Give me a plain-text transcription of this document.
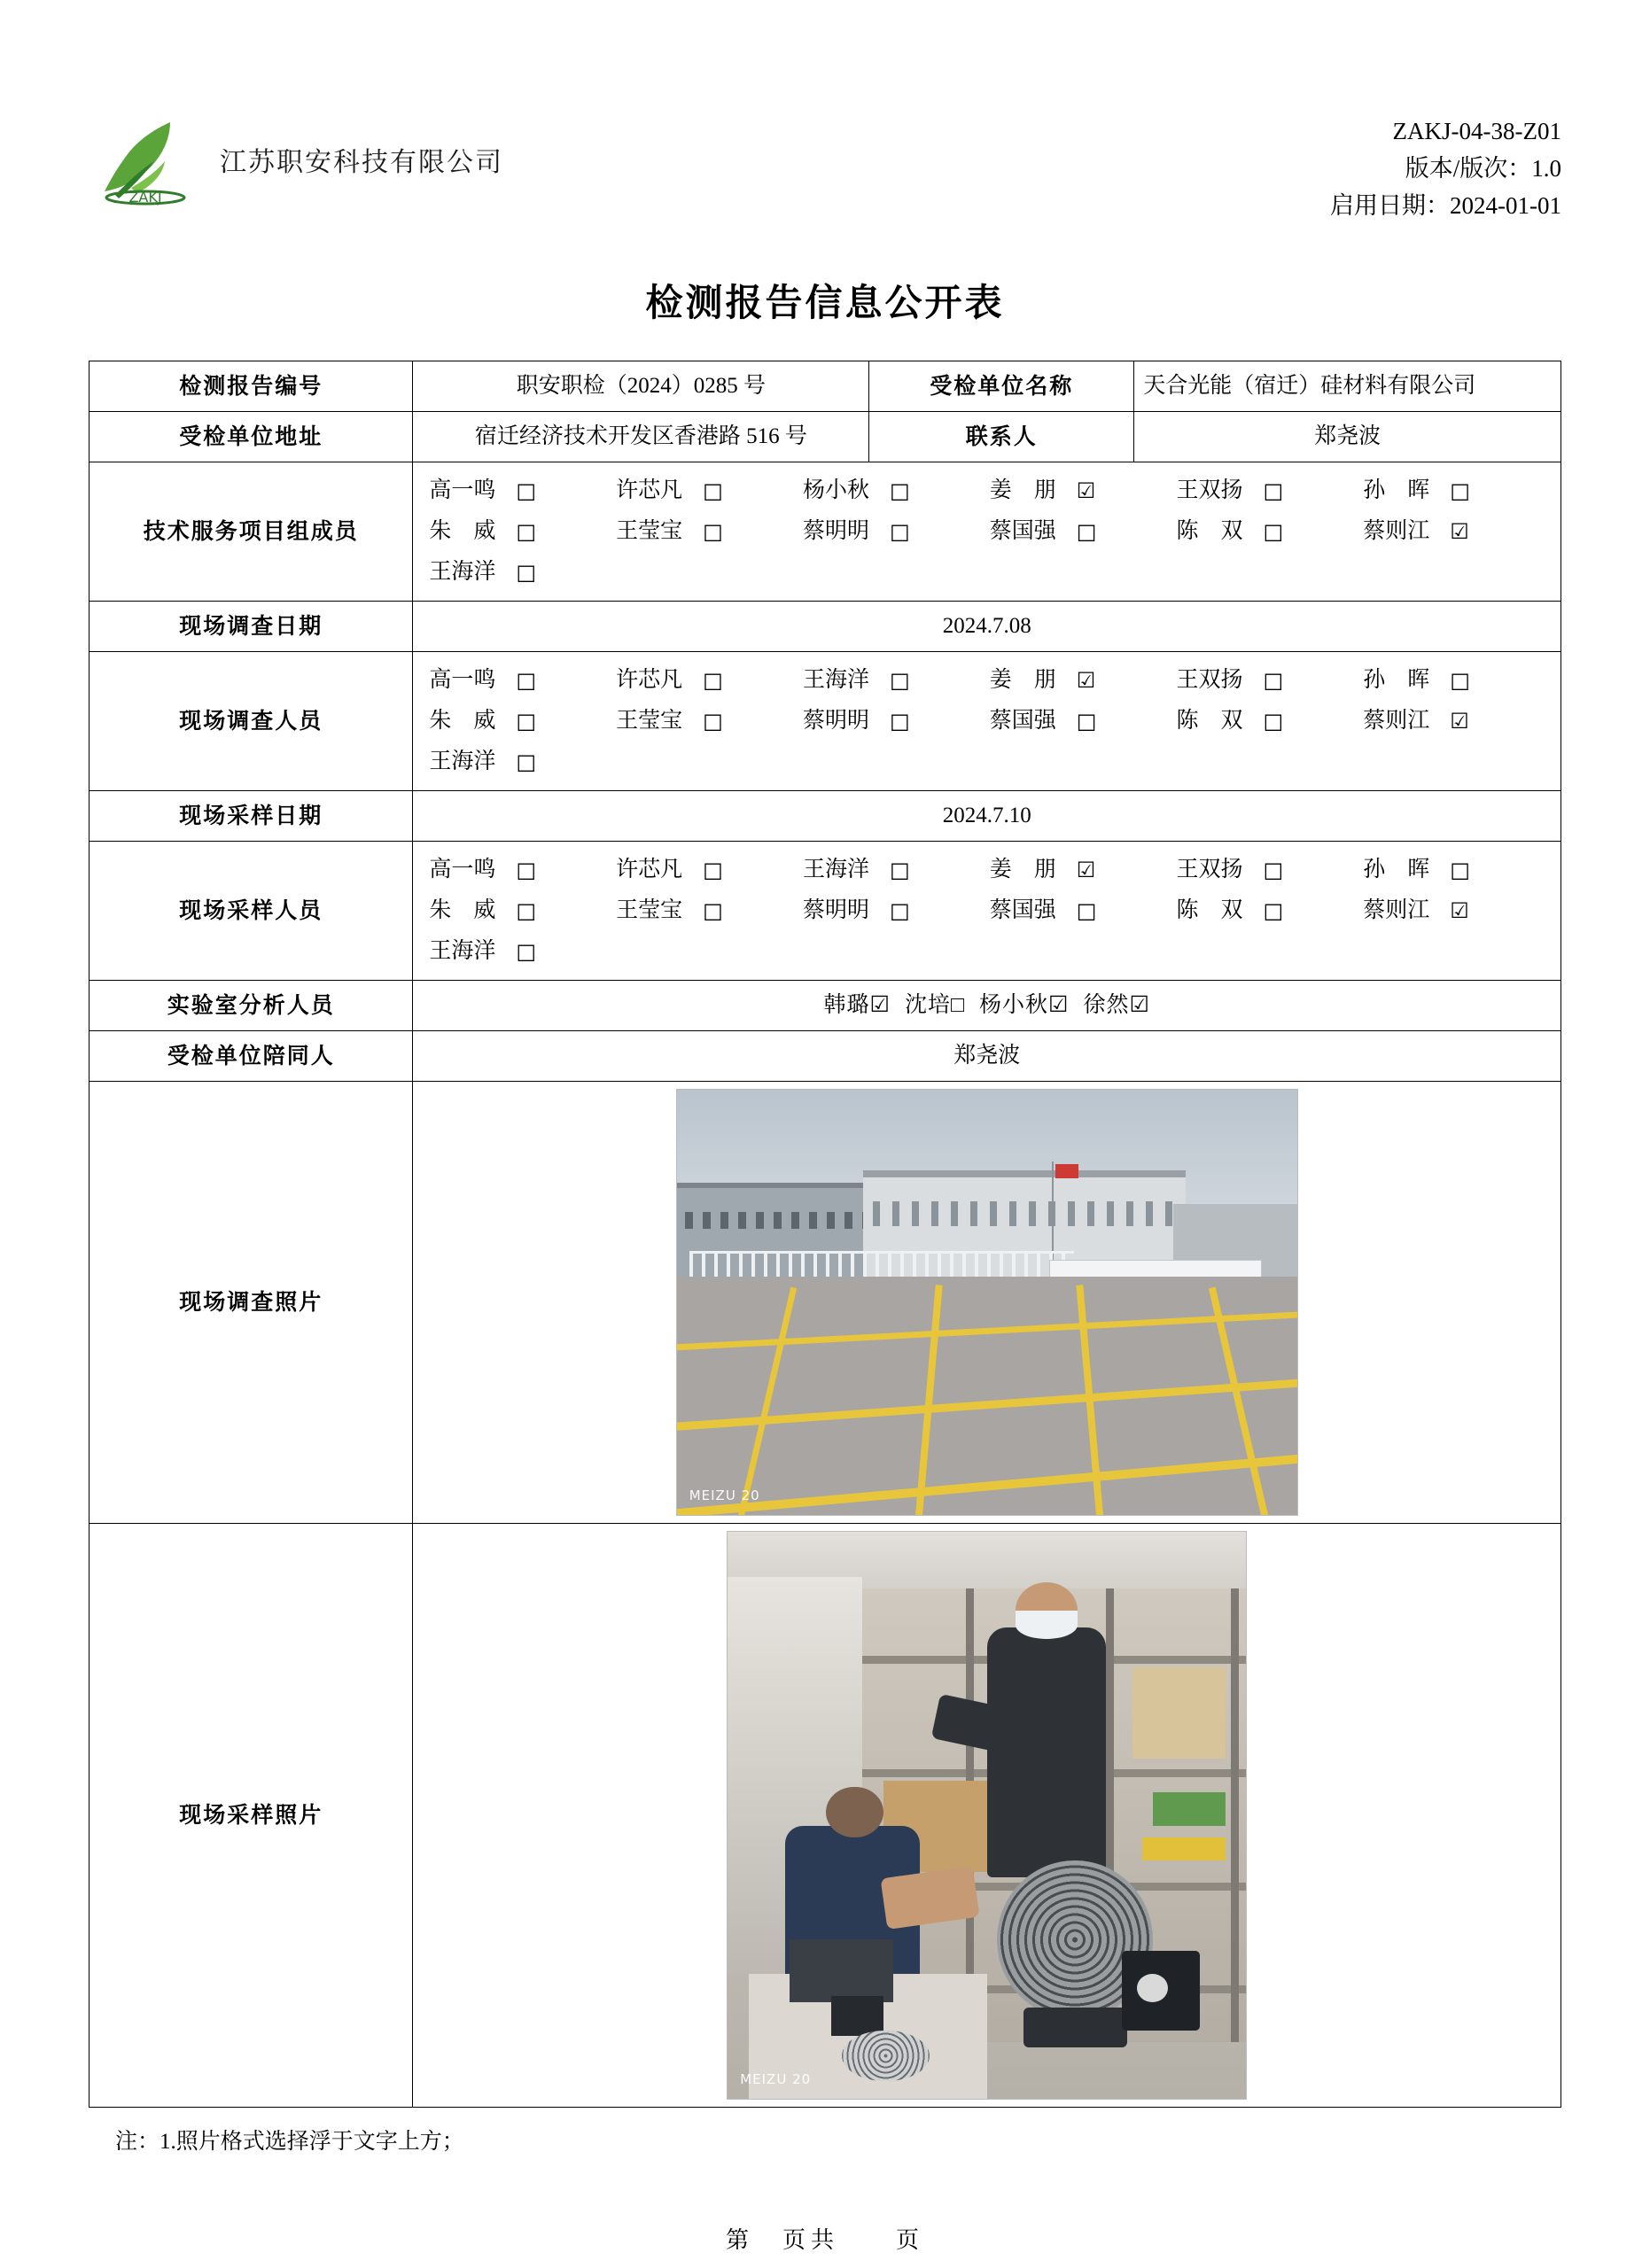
ZAKJ
江苏职安科技有限公司
ZAKJ-04-38-Z01
版本/版次：1.0
启用日期：2024-01-01
检测报告信息公开表
检测报告编号	职安职检（2024）0285 号	受检单位名称	天合光能（宿迁）硅材料有限公司
受检单位地址	宿迁经济技术开发区香港路 516 号	联系人	郑尧波
技术服务项目组成员	
高一鸣 □	许芯凡 □	杨小秋 □	姜　朋 ☑	王双扬 □	孙　晖 □
朱　威 □	王莹宝 □	蔡明明 □	蔡国强 □	陈　双 □	蔡则江 ☑
王海洋 □

现场调查日期	2024.7.08		
现场调查人员	
高一鸣 □	许芯凡 □	王海洋 □	姜　朋 ☑	王双扬 □	孙　晖 □
朱　威 □	王莹宝 □	蔡明明 □	蔡国强 □	陈　双 □	蔡则江 ☑
王海洋 □

现场采样日期	2024.7.10		
现场采样人员	
高一鸣 □	许芯凡 □	王海洋 □	姜　朋 ☑	王双扬 □	孙　晖 □
朱　威 □	王莹宝 □	蔡明明 □	蔡国强 □	陈　双 □	蔡则江 ☑
王海洋 □

实验室分析人员	韩璐☑ 沈培□ 杨小秋☑ 徐然☑		
受检单位陪同人	郑尧波		
现场调查照片	MEIZU 20		

现场采样照片	MEIZU 20		
注：1.照片格式选择浮于文字上方；
第　页共　　页
